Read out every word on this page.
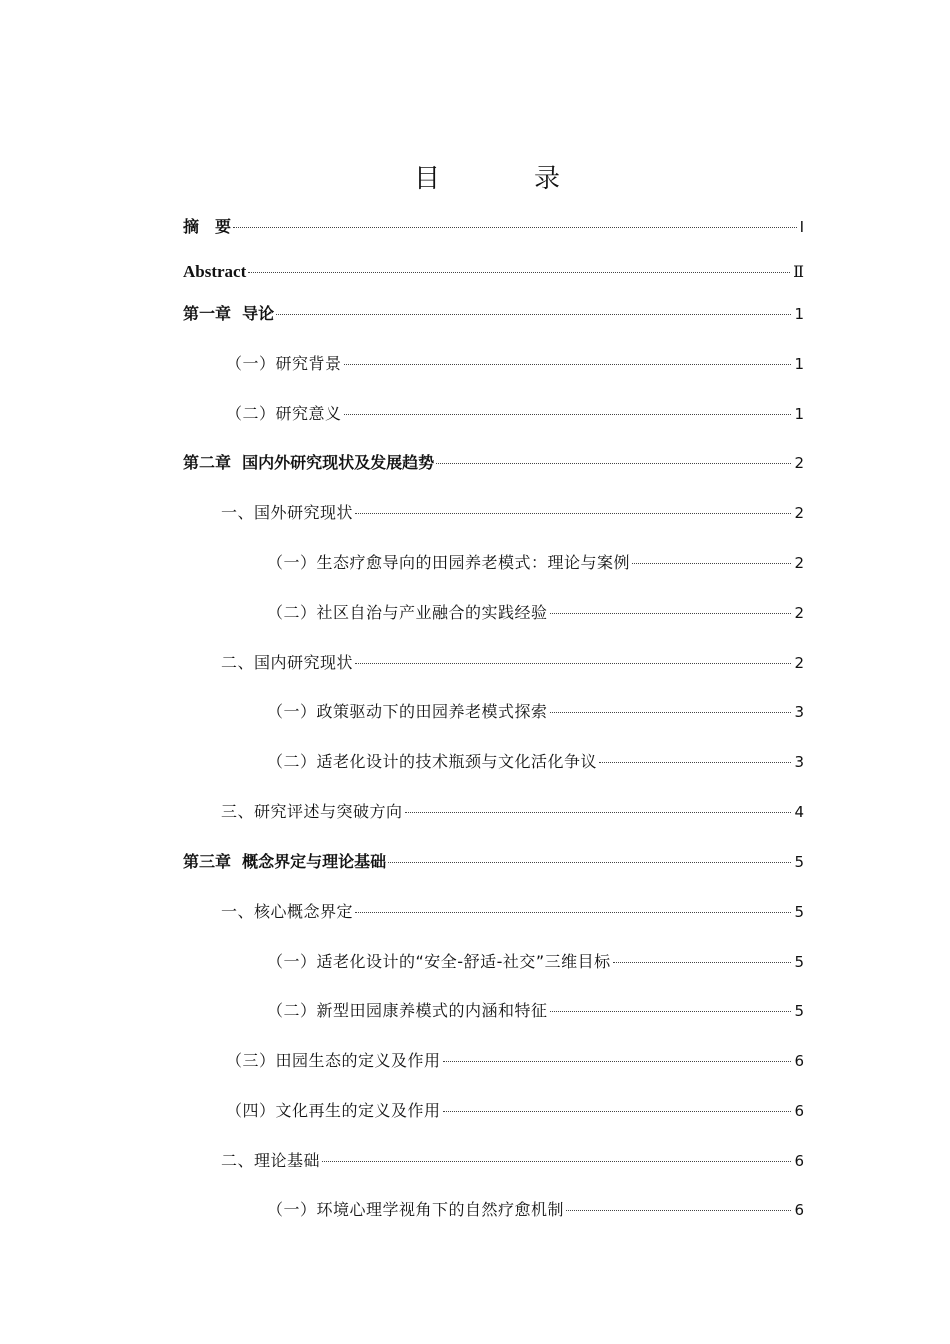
目　录
摘　要	I
Abstract	Ⅱ
第一章  导论	1
（一）研究背景	1
（二）研究意义	1
第二章  国内外研究现状及发展趋势	2
一、国外研究现状	2
（一）生态疗愈导向的田园养老模式：理论与案例	2
（二）社区自治与产业融合的实践经验	2
二、国内研究现状	2
（一）政策驱动下的田园养老模式探索	3
（二）适老化设计的技术瓶颈与文化活化争议	3
三、研究评述与突破方向	4
第三章  概念界定与理论基础	5
一、核心概念界定	5
（一）适老化设计的“安全-舒适-社交”三维目标	5
（二）新型田园康养模式的内涵和特征	5
（三）田园生态的定义及作用	6
（四）文化再生的定义及作用	6
二、理论基础	6
（一）环境心理学视角下的自然疗愈机制	6
